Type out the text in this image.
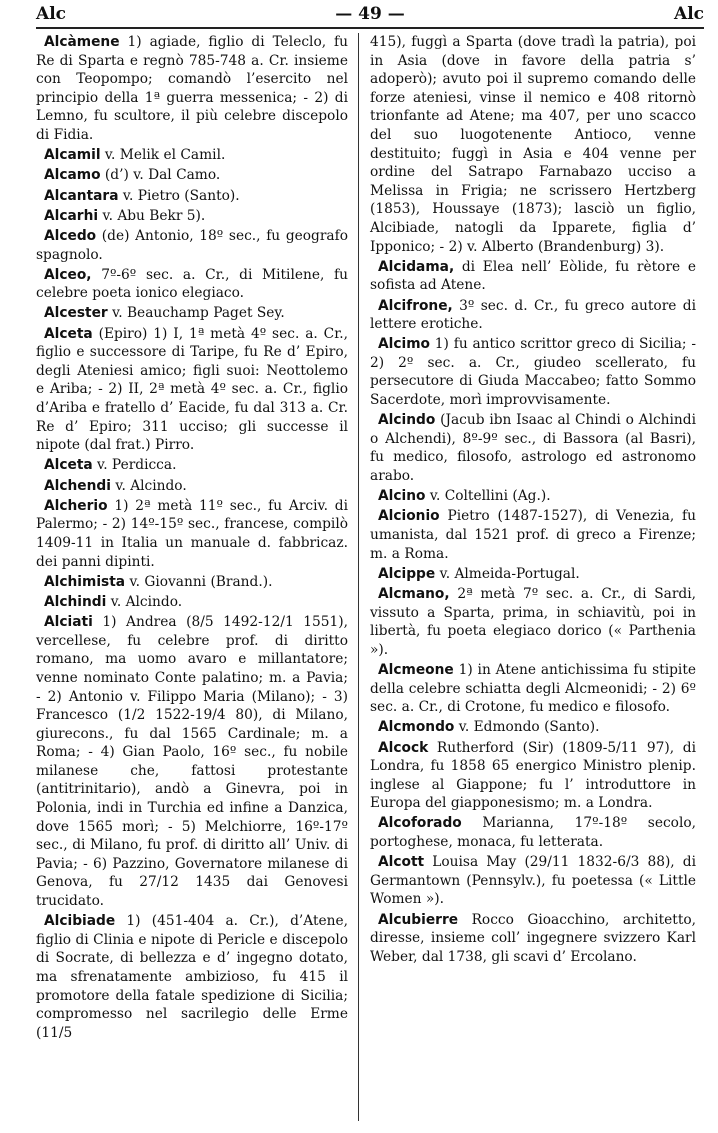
Alc	— 49 —	Alc

Alcàmene 1) agiade, figlio di Teleclo, fu Re di Sparta e regnò 785-748 a. Cr. insieme con Teopompo; comandò l’esercito nel principio della 1ª guerra messenica; - 2) di Lemno, fu scultore, il più celebre discepolo di Fidia.

Alcamil v. Melik el Camil.

Alcamo (d’) v. Dal Camo.

Alcantara v. Pietro (Santo).

Alcarhi v. Abu Bekr 5).

Alcedo (de) Antonio, 18º sec., fu geografo spagnolo.

Alceo, 7º-6º sec. a. Cr., di Mitilene, fu celebre poeta ionico elegiaco.

Alcester v. Beauchamp Paget Sey.

Alceta (Epiro) 1) I, 1ª metà 4º sec. a. Cr., figlio e successore di Taripe, fu Re d’ Epiro, degli Ateniesi amico; figli suoi: Neottolemo e Ariba; - 2) II, 2ª metà 4º sec. a. Cr., figlio d’Ariba e fratello d’ Eacide, fu dal 313 a. Cr. Re d’ Epiro; 311 ucciso; gli successe il nipote (dal frat.) Pirro.

Alceta v. Perdicca.

Alchendi v. Alcindo.

Alcherio 1) 2ª metà 11º sec., fu Arciv. di Palermo; - 2) 14º-15º sec., francese, compilò 1409-11 in Italia un manuale d. fabbricaz. dei panni dipinti.

Alchimista v. Giovanni (Brand.).

Alchindi v. Alcindo.

Alciati 1) Andrea (8/5 1492-12/1 1551), vercellese, fu celebre prof. di diritto romano, ma uomo avaro e millantatore; venne nominato Conte palatino; m. a Pavia; - 2) Antonio v. Filippo Maria (Milano); - 3) Francesco (1/2 1522-19/4 80), di Milano, giurecons., fu dal 1565 Cardinale; m. a Roma; - 4) Gian Paolo, 16º sec., fu nobile milanese che, fattosi protestante (antitrinitario), andò a Ginevra, poi in Polonia, indi in Turchia ed infine a Danzica, dove 1565 morì; - 5) Melchiorre, 16º-17º sec., di Milano, fu prof. di diritto all’ Univ. di Pavia; - 6) Pazzino, Governatore milanese di Genova, fu 27/12 1435 dai Genovesi trucidato.

Alcibiade 1) (451-404 a. Cr.), d’Atene, figlio di Clinia e nipote di Pericle e discepolo di Socrate, di bellezza e d’ ingegno dotato, ma sfrenatamente ambizioso, fu 415 il promotore della fatale spedizione di Sicilia; compromesso nel sacrilegio delle Erme (11/5

415), fuggì a Sparta (dove tradì la patria), poi in Asia (dove in favore della patria s’ adoperò); avuto poi il supremo comando delle forze ateniesi, vinse il nemico e 408 ritornò trionfante ad Atene; ma 407, per uno scacco del suo luogotenente Antioco, venne destituito; fuggì in Asia e 404 venne per ordine del Satrapo Farnabazo ucciso a Melissa in Frigia; ne scrissero Hertzberg (1853), Houssaye (1873); lasciò un figlio, Alcibiade, natogli da Ipparete, figlia d’ Ipponico; - 2) v. Alberto (Brandenburg) 3).

Alcidama, di Elea nell’ Eòlide, fu rètore e sofista ad Atene.

Alcifrone, 3º sec. d. Cr., fu greco autore di lettere erotiche.

Alcimo 1) fu antico scrittor greco di Sicilia; - 2) 2º sec. a. Cr., giudeo scellerato, fu persecutore di Giuda Maccabeo; fatto Sommo Sacerdote, morì improvvisamente.

Alcindo (Jacub ibn Isaac al Chindi o Alchindi o Alchendi), 8º-9º sec., di Bassora (al Basri), fu medico, filosofo, astrologo ed astronomo arabo.

Alcino v. Coltellini (Ag.).

Alcionio Pietro (1487-1527), di Venezia, fu umanista, dal 1521 prof. di greco a Firenze; m. a Roma.

Alcippe v. Almeida-Portugal.

Alcmano, 2ª metà 7º sec. a. Cr., di Sardi, vissuto a Sparta, prima, in schiavitù, poi in libertà, fu poeta elegiaco dorico (« Parthenia »).

Alcmeone 1) in Atene antichissima fu stipite della celebre schiatta degli Alcmeonidi; - 2) 6º sec. a. Cr., di Crotone, fu medico e filosofo.

Alcmondo v. Edmondo (Santo).

Alcock Rutherford (Sir) (1809-5/11 97), di Londra, fu 1858 65 energico Ministro plenip. inglese al Giappone; fu l’ introduttore in Europa del giapponesismo; m. a Londra.

Alcoforado Marianna, 17º-18º secolo, portoghese, monaca, fu letterata.

Alcott Louisa May (29/11 1832-6/3 88), di Germantown (Pennsylv.), fu poetessa (« Little Women »).

Alcubierre Rocco Gioacchino, architetto, diresse, insieme coll’ ingegnere svizzero Karl Weber, dal 1738, gli scavi d’ Ercolano.
